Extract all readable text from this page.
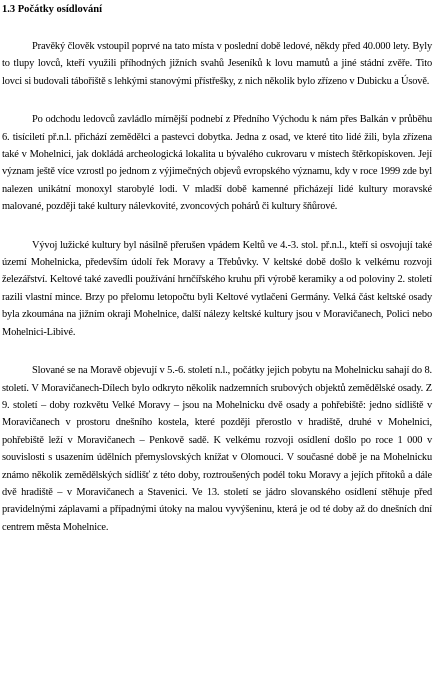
1.3 Počátky osídlování

Pravěký člověk vstoupil poprvé na tato místa v poslední době ledové, někdy před 40.000 lety. Byly to tlupy lovců, kteří využili příhodných jižních svahů Jeseníků k lovu mamutů a jiné stádní zvěře. Tito lovci si budovali tábořiště s lehkými stanovými přístřešky, z nich několik bylo zřízeno v Dubicku a Úsově.

Po odchodu ledovců zavládlo mírnější podnebí z Předního Východu k nám přes Balkán v průběhu 6. tisíciletí př.n.l. přichází zemědělci a pastevci dobytka. Jedna z osad, ve které tito lidé žili, byla zřízena také v Mohelnici, jak dokládá archeologická lokalita u bývalého cukrovaru v místech štěrkopískoven. Její význam ještě více vzrostl po jednom z výjimečných objevů evropského významu, kdy v roce 1999 zde byl nalezen unikátní monoxyl starobylé lodi. V mladší době kamenné přicházejí lidé kultury moravské malované, později také kultury nálevkovité, zvoncových pohárů či kultury šňůrové.

Vývoj lužické kultury byl násilně přerušen vpádem Keltů ve 4.-3. stol. př.n.l., kteří si osvojují také území Mohelnicka, především údolí řek Moravy a Třebůvky. V keltské době došlo k velkému rozvoji železářství. Keltové také zavedli používání hrnčířského kruhu při výrobě keramiky a od poloviny 2. století razili vlastní mince. Brzy po přelomu letopočtu byli Keltové vytlačeni Germány. Velká část keltské osady byla zkoumána na jižním okraji Mohelnice, další nálezy keltské kultury jsou v Moravičanech, Polici nebo Mohelnici-Libivé.

Slované se na Moravě objevují v 5.-6. století n.l., počátky jejich pobytu na Mohelnicku sahají do 8. století. V Moravičanech-Dílech bylo odkryto několik nadzemních srubových objektů zemědělské osady. Z 9. století – doby rozkvětu Velké Moravy – jsou na Mohelnicku dvě osady a pohřebiště: jedno sídliště v Moravičanech v prostoru dnešního kostela, které později přerostlo v hradiště, druhé v Mohelnici, pohřebiště leží v Moravičanech – Penkově sadě. K velkému rozvoji osídlení došlo po roce 1 000 v souvislosti s usazením údělních přemyslovských knížat v Olomouci. V současné době je na Mohelnicku známo několik zemědělských sídlišť z této doby, roztroušených podél toku Moravy a jejích přítoků a dále dvě hradiště – v Moravičanech a Stavenici. Ve 13. století se jádro slovanského osídlení stěhuje před pravidelnými záplavami a případnými útoky na malou vyvýšeninu, která je od té doby až do dnešních dní centrem města Mohelnice.
